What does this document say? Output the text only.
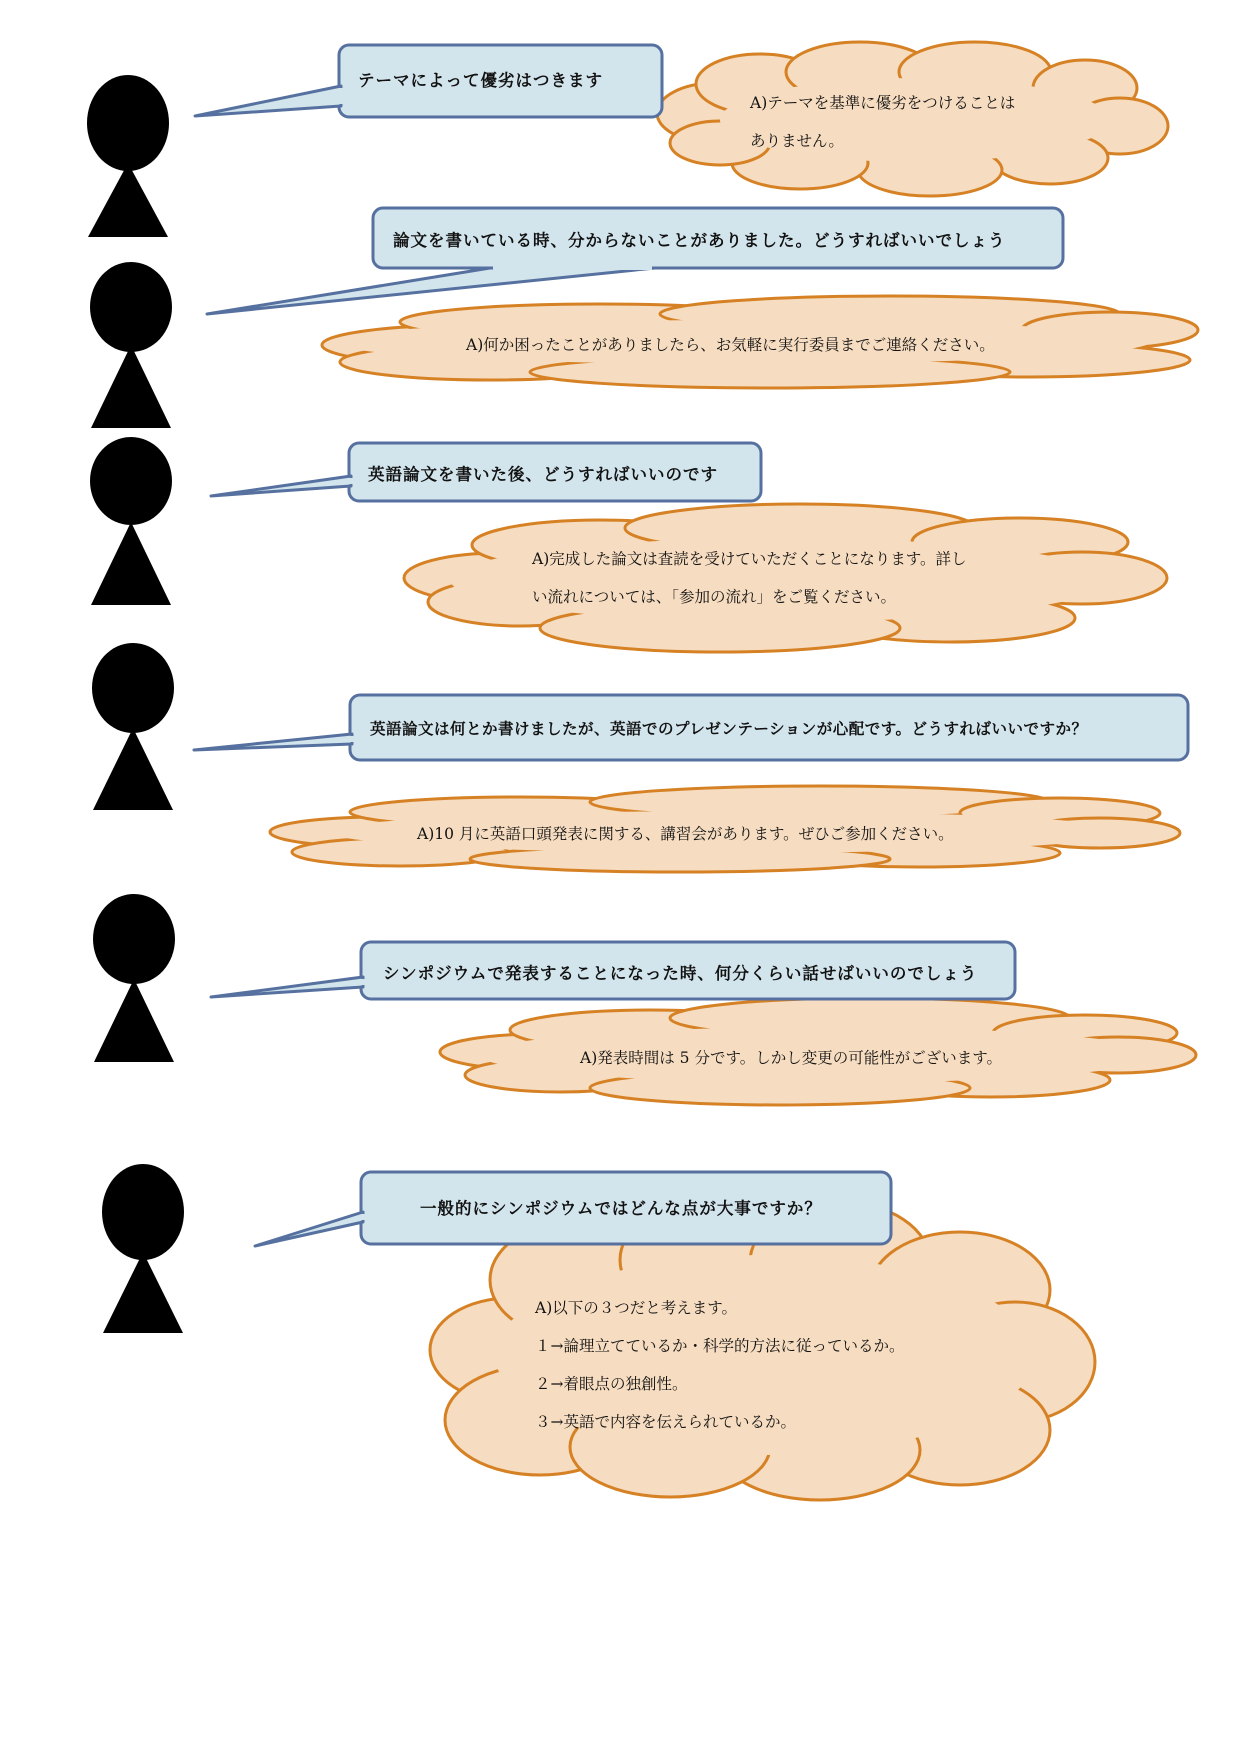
テーマによって優劣はつきます
論文を書いている時、分からないことがありました。どうすればいいでしょう
英語論文を書いた後、どうすればいいのです
英語論文は何とか書けましたが、英語でのプレゼンテーションが心配です。どうすればいいですか？
シンポジウムで発表することになった時、何分くらい話せばいいのでしょう
一般的にシンポジウムではどんな点が大事ですか？
A)テーマを基準に優劣をつけることは
ありません。
A)何か困ったことがありましたら、お気軽に実行委員までご連絡ください。
A)完成した論文は査読を受けていただくことになります。詳し
い流れについては、「参加の流れ」をご覧ください。
A)10 月に英語口頭発表に関する、講習会があります。ぜひご参加ください。
A)発表時間は 5 分です。しかし変更の可能性がございます。
A)以下の３つだと考えます。
１→論理立てているか・科学的方法に従っているか。
２→着眼点の独創性。
３→英語で内容を伝えられているか。
